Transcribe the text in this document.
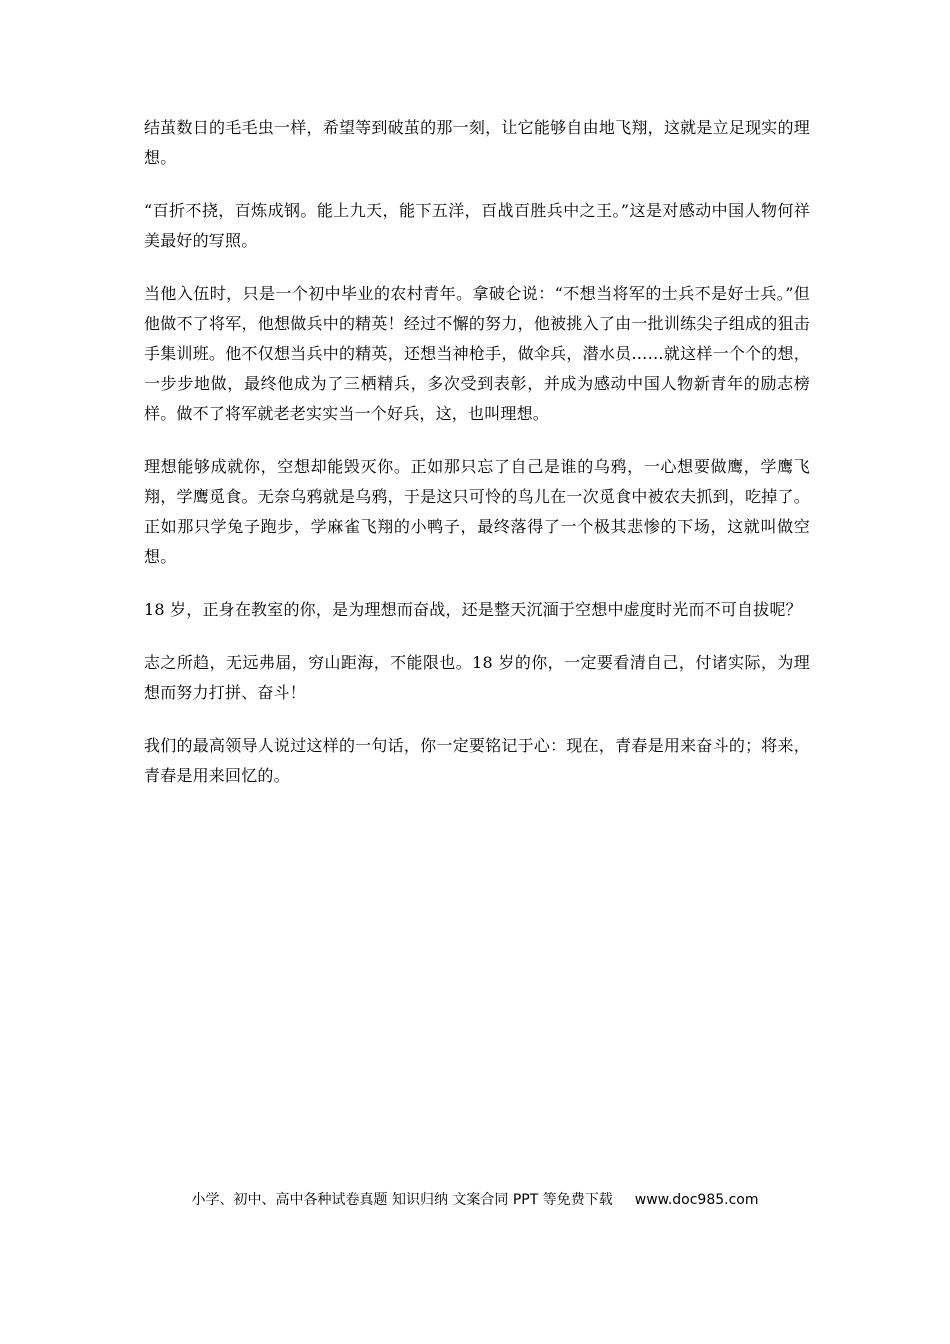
结茧数日的毛毛虫一样，希望等到破茧的那一刻，让它能够自由地飞翔，这就是立足现实的理想。

“百折不挠，百炼成钢。能上九天，能下五洋，百战百胜兵中之王。”这是对感动中国人物何祥美最好的写照。

当他入伍时，只是一个初中毕业的农村青年。拿破仑说：“不想当将军的士兵不是好士兵。”但他做不了将军，他想做兵中的精英！经过不懈的努力，他被挑入了由一批训练尖子组成的狙击手集训班。他不仅想当兵中的精英，还想当神枪手，做伞兵，潜水员……就这样一个个的想，一步步地做，最终他成为了三栖精兵，多次受到表彰，并成为感动中国人物新青年的励志榜样。做不了将军就老老实实当一个好兵，这，也叫理想。

理想能够成就你，空想却能毁灭你。正如那只忘了自己是谁的乌鸦，一心想要做鹰，学鹰飞翔，学鹰觅食。无奈乌鸦就是乌鸦，于是这只可怜的鸟儿在一次觅食中被农夫抓到，吃掉了。正如那只学兔子跑步，学麻雀飞翔的小鸭子，最终落得了一个极其悲惨的下场，这就叫做空想。

18 岁，正身在教室的你，是为理想而奋战，还是整天沉湎于空想中虚度时光而不可自拔呢？

志之所趋，无远弗届，穷山距海，不能限也。18 岁的你，一定要看清自己，付诸实际，为理想而努力打拼、奋斗！

我们的最高领导人说过这样的一句话，你一定要铭记于心：现在，青春是用来奋斗的；将来，青春是用来回忆的。

小学、初中、高中各种试卷真题 知识归纳 文案合同 PPT 等免费下载 www.doc985.com
